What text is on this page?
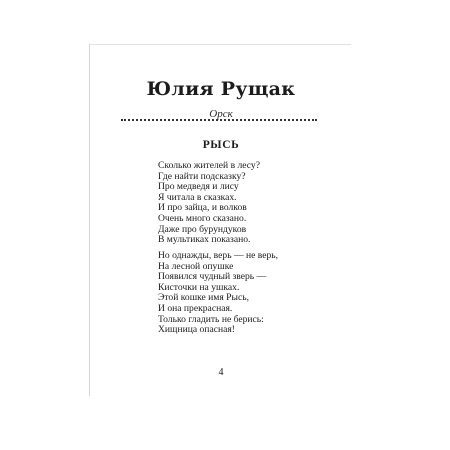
Юлия Рущак
Орск
РЫСЬ
Сколько жителей в лесу?
Где найти подсказку?
Про медведя и лису
Я читала в сказках.
И про зайца, и волков
Очень много сказано.
Даже про бурундуков
В мультиках показано.
Но однажды, верь — не верь,
На лесной опушке
Появился чудный зверь —
Кисточки на ушках.
Этой кошке имя Рысь,
И она прекрасная.
Только гладить не берись:
Хищница опасная!
4
